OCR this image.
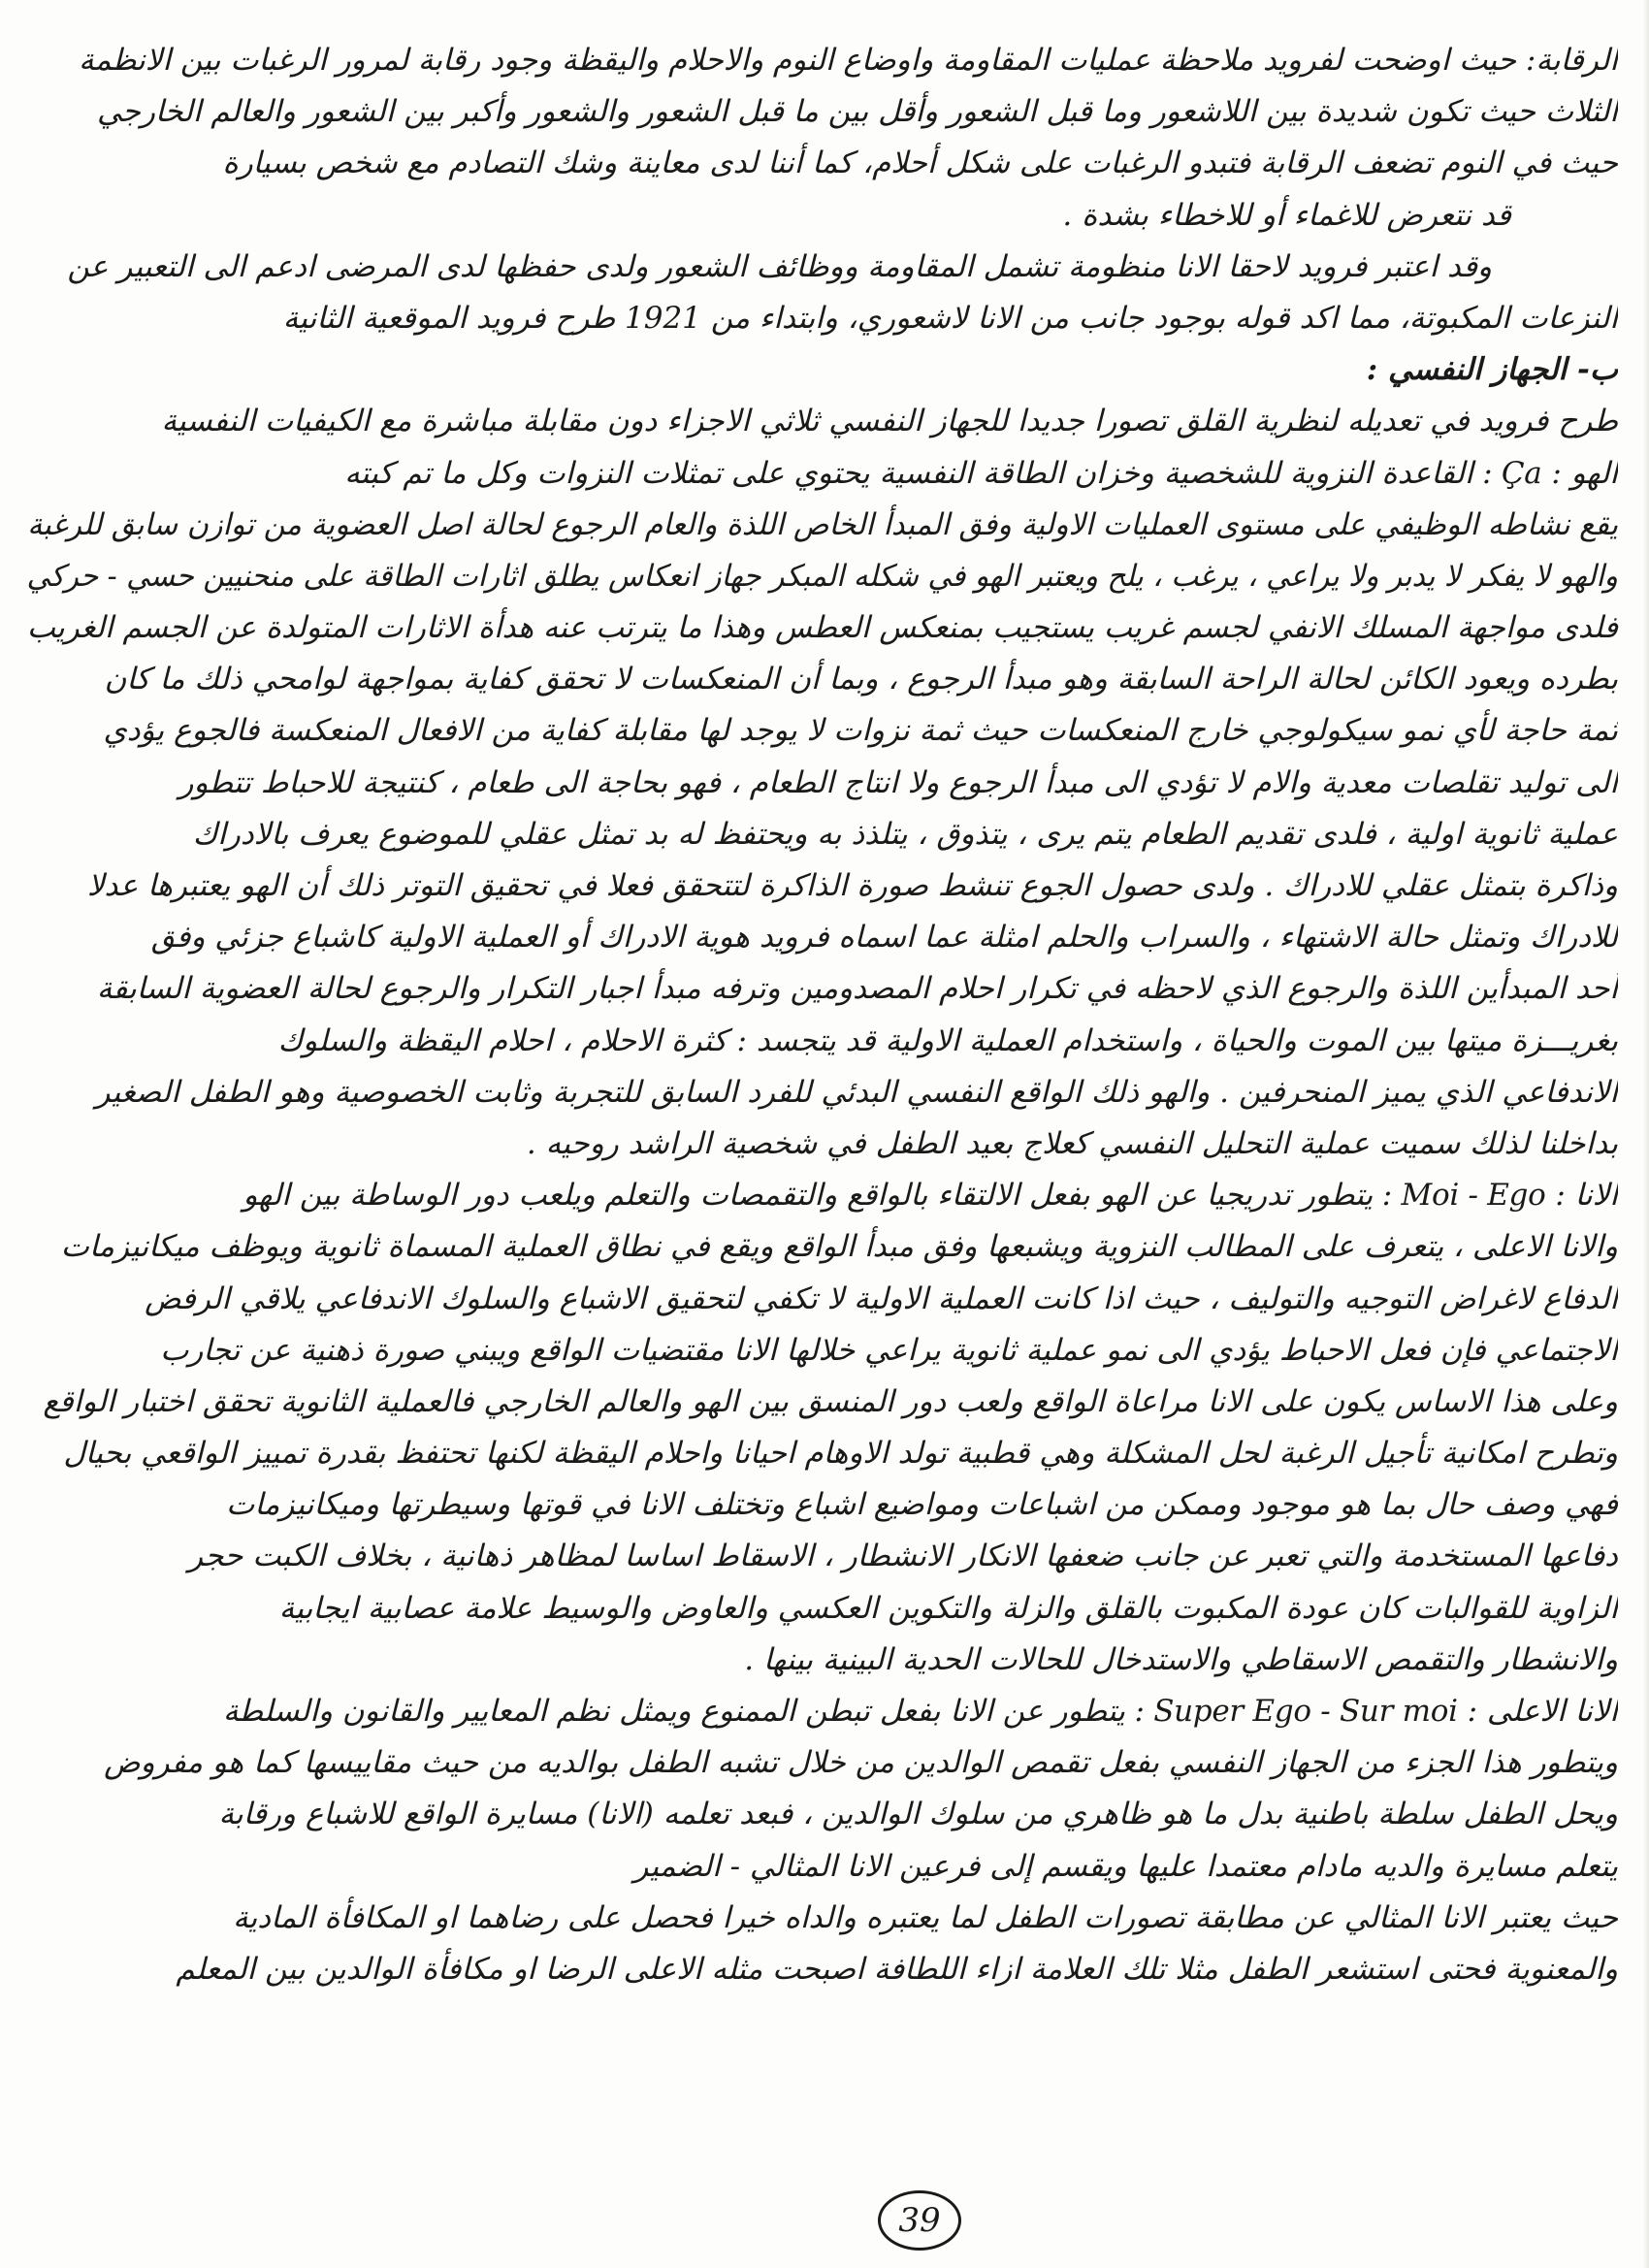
الرقابة: حيث اوضحت لفرويد ملاحظة عمليات المقاومة واوضاع النوم والاحلام واليقظة وجود رقابة لمرور الرغبات بين الانظمة
الثلاث حيث تكون شديدة بين اللاشعور وما قبل الشعور وأقل بين ما قبل الشعور والشعور وأكبر بين الشعور والعالم الخارجي
حيث في النوم تضعف الرقابة فتبدو الرغبات على شكل أحلام، كما أننا لدى معاينة وشك التصادم مع شخص بسيارة
قد نتعرض للاغماء أو للاخطاء بشدة .
وقد اعتبر فرويد لاحقا الانا منظومة تشمل المقاومة ووظائف الشعور ولدى حفظها لدى المرضى ادعم الى التعبير عن
النزعات المكبوتة، مما اكد قوله بوجود جانب من الانا لاشعوري، وابتداء من 1921 طرح فرويد الموقعية الثانية
ب- الجهاز النفسي :
طرح فرويد في تعديله لنظرية القلق تصورا جديدا للجهاز النفسي ثلاثي الاجزاء دون مقابلة مباشرة مع الكيفيات النفسية
الهو : Ça : القاعدة النزوية للشخصية وخزان الطاقة النفسية يحتوي على تمثلات النزوات وكل ما تم كبته
يقع نشاطه الوظيفي على مستوى العمليات الاولية وفق المبدأ الخاص اللذة والعام الرجوع لحالة اصل العضوية من توازن سابق للرغبة
والهو لا يفكر لا يدبر ولا يراعي ، يرغب ، يلح ويعتبر الهو في شكله المبكر جهاز انعكاس يطلق اثارات الطاقة على منحنيين حسي - حركي
فلدى مواجهة المسلك الانفي لجسم غريب يستجيب بمنعكس العطس وهذا ما يترتب عنه هدأة الاثارات المتولدة عن الجسم الغريب
بطرده ويعود الكائن لحالة الراحة السابقة وهو مبدأ الرجوع ، وبما أن المنعكسات لا تحقق كفاية بمواجهة لوامحي ذلك ما كان
ثمة حاجة لأي نمو سيكولوجي خارج المنعكسات حيث ثمة نزوات لا يوجد لها مقابلة كفاية من الافعال المنعكسة فالجوع يؤدي
الى توليد تقلصات معدية والام لا تؤدي الى مبدأ الرجوع ولا انتاج الطعام ، فهو بحاجة الى طعام ، كنتيجة للاحباط تتطور
عملية ثانوية اولية ، فلدى تقديم الطعام يتم يرى ، يتذوق ، يتلذذ به ويحتفظ له بد تمثل عقلي للموضوع يعرف بالادراك
وذاكرة بتمثل عقلي للادراك . ولدى حصول الجوع تنشط صورة الذاكرة لتتحقق فعلا في تحقيق التوتر ذلك أن الهو يعتبرها عدلا
للادراك وتمثل حالة الاشتهاء ، والسراب والحلم امثلة عما اسماه فرويد هوية الادراك أو العملية الاولية كاشباع جزئي وفق
أحد المبدأين اللذة والرجوع الذي لاحظه في تكرار احلام المصدومين وترفه مبدأ اجبار التكرار والرجوع لحالة العضوية السابقة
بغريـــزة ميتها بين الموت والحياة ، واستخدام العملية الاولية قد يتجسد : كثرة الاحلام ، احلام اليقظة والسلوك
الاندفاعي الذي يميز المنحرفين . والهو ذلك الواقع النفسي البدئي للفرد السابق للتجربة وثابت الخصوصية وهو الطفل الصغير
بداخلنا لذلك سميت عملية التحليل النفسي كعلاج بعيد الطفل في شخصية الراشد روحيه .
الانا : Moi - Ego : يتطور تدريجيا عن الهو بفعل الالتقاء بالواقع والتقمصات والتعلم ويلعب دور الوساطة بين الهو
والانا الاعلى ، يتعرف على المطالب النزوية ويشبعها وفق مبدأ الواقع ويقع في نطاق العملية المسماة ثانوية ويوظف ميكانيزمات
الدفاع لاغراض التوجيه والتوليف ، حيث اذا كانت العملية الاولية لا تكفي لتحقيق الاشباع والسلوك الاندفاعي يلاقي الرفض
الاجتماعي فإن فعل الاحباط يؤدي الى نمو عملية ثانوية يراعي خلالها الانا مقتضيات الواقع ويبني صورة ذهنية عن تجارب
وعلى هذا الاساس يكون على الانا مراعاة الواقع ولعب دور المنسق بين الهو والعالم الخارجي فالعملية الثانوية تحقق اختبار الواقع
وتطرح امكانية تأجيل الرغبة لحل المشكلة وهي قطبية تولد الاوهام احيانا واحلام اليقظة لكنها تحتفظ بقدرة تمييز الواقعي بحيال
فهي وصف حال بما هو موجود وممكن من اشباعات ومواضيع اشباع وتختلف الانا في قوتها وسيطرتها وميكانيزمات
دفاعها المستخدمة والتي تعبر عن جانب ضعفها الانكار الانشطار ، الاسقاط اساسا لمظاهر ذهانية ، بخلاف الكبت حجر
الزاوية للقوالبات كان عودة المكبوت بالقلق والزلة والتكوين العكسي والعاوض والوسيط علامة عصابية ايجابية
والانشطار والتقمص الاسقاطي والاستدخال للحالات الحدية البينية بينها .
الانا الاعلى : Super Ego - Sur moi : يتطور عن الانا بفعل تبطن الممنوع ويمثل نظم المعايير والقانون والسلطة
ويتطور هذا الجزء من الجهاز النفسي بفعل تقمص الوالدين من خلال تشبه الطفل بوالديه من حيث مقاييسها كما هو مفروض
ويحل الطفل سلطة باطنية بدل ما هو ظاهري من سلوك الوالدين ، فبعد تعلمه (الانا) مسايرة الواقع للاشباع ورقابة
يتعلم مسايرة والديه مادام معتمدا عليها ويقسم إلى فرعين الانا المثالي - الضمير
حيث يعتبر الانا المثالي عن مطابقة تصورات الطفل لما يعتبره والداه خيرا فحصل على رضاهما او المكافأة المادية
والمعنوية فحتى استشعر الطفل مثلا تلك العلامة ازاء اللطافة اصبحت مثله الاعلى الرضا او مكافأة الوالدين بين المعلم
39
